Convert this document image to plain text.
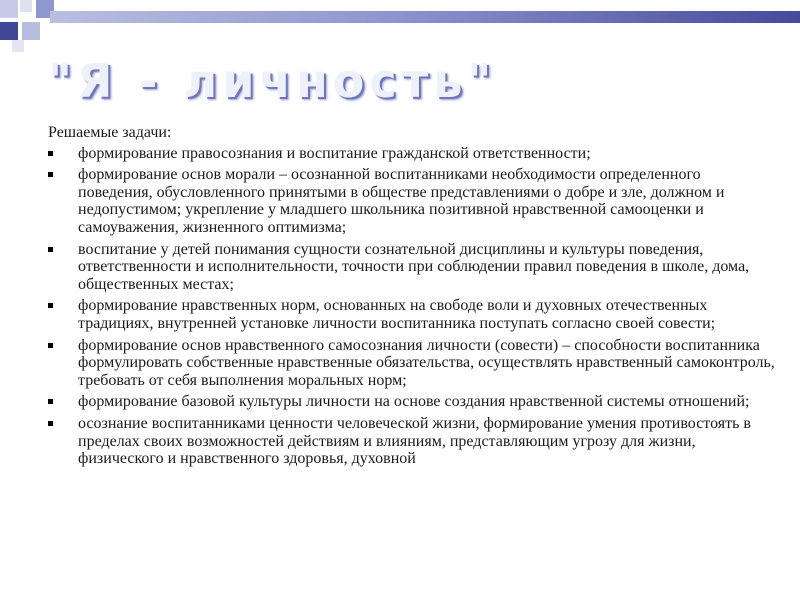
"Я - личность"

Решаемые задачи:

формирование правосознания и воспитание гражданской ответственности;
формирование основ морали – осознанной воспитанниками необходимости определенного поведения, обусловленного принятыми в обществе представлениями о добре и зле, должном и недопустимом; укрепление у младшего школьника позитивной нравственной самооценки и самоуважения, жизненного оптимизма;
воспитание у детей понимания сущности сознательной дисциплины и культуры поведения, ответственности и исполнительности, точности при соблюдении правил поведения в школе, дома, общественных местах;
формирование нравственных норм, основанных на свободе воли и духовных отечественных традициях, внутренней установке личности воспитанника поступать согласно своей совести;
формирование основ нравственного самосознания личности (совести) – способности воспитанника формулировать собственные нравственные обязательства, осуществлять нравственный самоконтроль, требовать от себя выполнения моральных норм;
формирование базовой культуры личности на основе создания нравственной системы отношений;
осознание воспитанниками ценности человеческой жизни, формирование умения противостоять в пределах своих возможностей действиям и влияниям, представляющим угрозу для жизни, физического и нравственного здоровья, духовной
